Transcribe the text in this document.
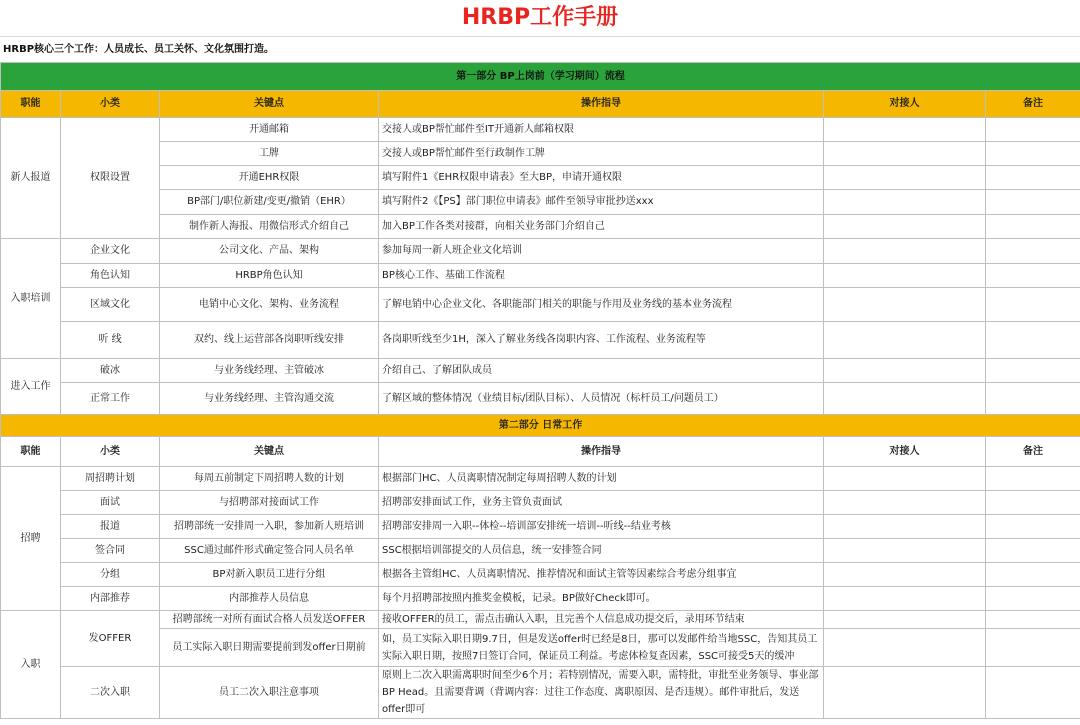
HRBP工作手册
HRBP核心三个工作：人员成长、员工关怀、文化氛围打造。
第一部分 BP上岗前（学习期间）流程					
职能	小类	关键点	操作指导	对接人	备注
新人报道	权限设置	开通邮箱	交接人或BP帮忙邮件至IT开通新人邮箱权限		
		工牌	交接人或BP帮忙邮件至行政制作工牌		
		开通EHR权限	填写附件1《EHR权限申请表》至大BP，申请开通权限		
		BP部门/职位新建/变更/撤销（EHR）	填写附件2《【PS】部门职位申请表》邮件至领导审批抄送xxx		
		制作新人海报、用微信形式介绍自己	加入BP工作各类对接群，向相关业务部门介绍自己		
入职培训	企业文化	公司文化、产品、架构	参加每周一新人班企业文化培训		
	角色认知	HRBP角色认知	BP核心工作、基础工作流程		
	区域文化	电销中心文化、架构、业务流程	了解电销中心企业文化、各职能部门相关的职能与作用及业务线的基本业务流程		
	听 线	双约、线上运营部各岗职听线安排	各岗职听线至少1H，深入了解业务线各岗职内容、工作流程、业务流程等		
进入工作	破冰	与业务线经理、主管破冰	介绍自己、了解团队成员		
	正常工作	与业务线经理、主管沟通交流	了解区域的整体情况（业绩目标/团队目标）、人员情况（标杆员工/问题员工）		
第二部分 日常工作					
职能	小类	关键点	操作指导	对接人	备注
招聘	周招聘计划	每周五前制定下周招聘人数的计划	根据部门HC、人员离职情况制定每周招聘人数的计划		
	面试	与招聘部对接面试工作	招聘部安排面试工作，业务主管负责面试		
	报道	招聘部统一安排周一入职，参加新人班培训	招聘部安排周一入职--体检--培训部安排统一培训--听线--结业考核		
	签合同	SSC通过邮件形式确定签合同人员名单	SSC根据培训部提交的人员信息，统一安排签合同		
	分组	BP对新入职员工进行分组	根据各主管组HC、人员离职情况、推荐情况和面试主管等因素综合考虑分组事宜		
	内部推荐	内部推荐人员信息	每个月招聘部按照内推奖金模板，记录。BP做好Check即可。		
入职	发OFFER	招聘部统一对所有面试合格人员发送OFFER	接收OFFER的员工，需点击确认入职，且完善个人信息成功提交后，录用环节结束		
		员工实际入职日期需要提前到发offer日期前	如，员工实际入职日期9.7日，但是发送offer时已经是8日，那可以发邮件给当地SSC，告知其员工实际入职日期，按照7日签订合同，保证员工利益。考虑体检复查因素，SSC可接受5天的缓冲		
	二次入职	员工二次入职注意事项	原则上二次入职需离职时间至少6个月；若特别情况，需要入职，需特批，审批至业务领导、事业部BP Head。且需要背调（背调内容：过往工作态度、离职原因、是否违规）。邮件审批后，发送offer即可		
